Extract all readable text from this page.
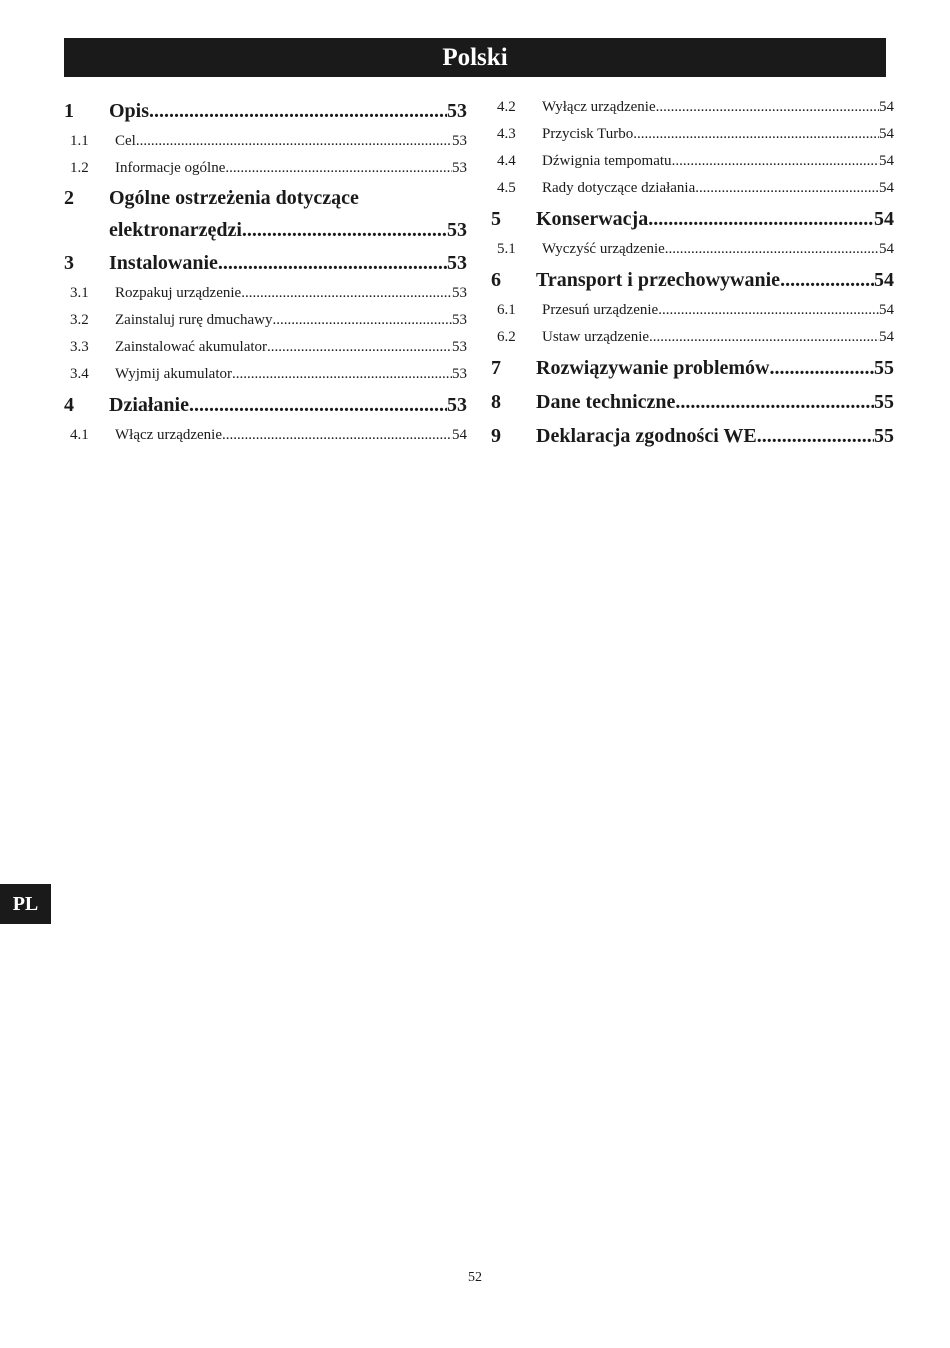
Polski
1	Opis .....	53
1.1	Cel .....	53
1.2	Informacje ogólne .....	53
2	Ogólne ostrzeżenia dotyczące
elektronarzędzi .....	53
3	Instalowanie .....	53
3.1	Rozpakuj urządzenie .....	53
3.2	Zainstaluj rurę dmuchawy .....	53
3.3	Zainstalować akumulator .....	53
3.4	Wyjmij akumulator .....	53
4	Działanie .....	53
4.1	Włącz urządzenie .....	54
4.2	Wyłącz urządzenie .....	54
4.3	Przycisk Turbo .....	54
4.4	Dźwignia tempomatu .....	54
4.5	Rady dotyczące działania .....	54
5	Konserwacja .....	54
5.1	Wyczyść urządzenie .....	54
6	Transport i przechowywanie .....	54
6.1	Przesuń urządzenie .....	54
6.2	Ustaw urządzenie .....	54
7	Rozwiązywanie problemów .....	55
8	Dane techniczne .....	55
9	Deklaracja zgodności WE .....	55
PL
52
